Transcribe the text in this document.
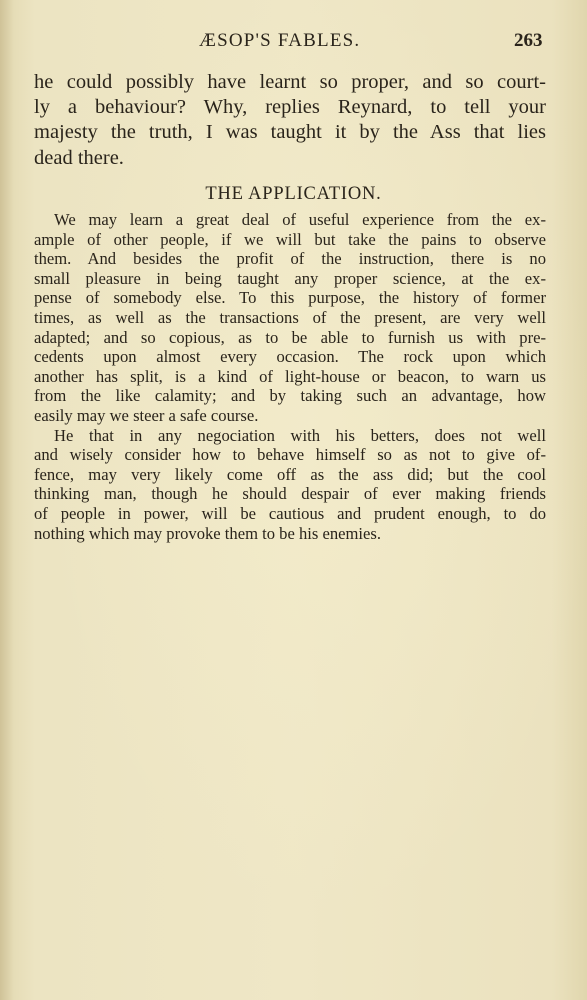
ÆSOP'S FABLES.	263
he could possibly have learnt so proper, and so court-
ly a behaviour? Why, replies Reynard, to tell your
majesty the truth, I was taught it by the Ass that lies
dead there.
THE APPLICATION.
We may learn a great deal of useful experience from the ex-
ample of other people, if we will but take the pains to observe
them. And besides the profit of the instruction, there is no
small pleasure in being taught any proper science, at the ex-
pense of somebody else. To this purpose, the history of former
times, as well as the transactions of the present, are very well
adapted; and so copious, as to be able to furnish us with pre-
cedents upon almost every occasion. The rock upon which
another has split, is a kind of light-house or beacon, to warn us
from the like calamity; and by taking such an advantage, how
easily may we steer a safe course.
He that in any negociation with his betters, does not well
and wisely consider how to behave himself so as not to give of-
fence, may very likely come off as the ass did; but the cool
thinking man, though he should despair of ever making friends
of people in power, will be cautious and prudent enough, to do
nothing which may provoke them to be his enemies.
